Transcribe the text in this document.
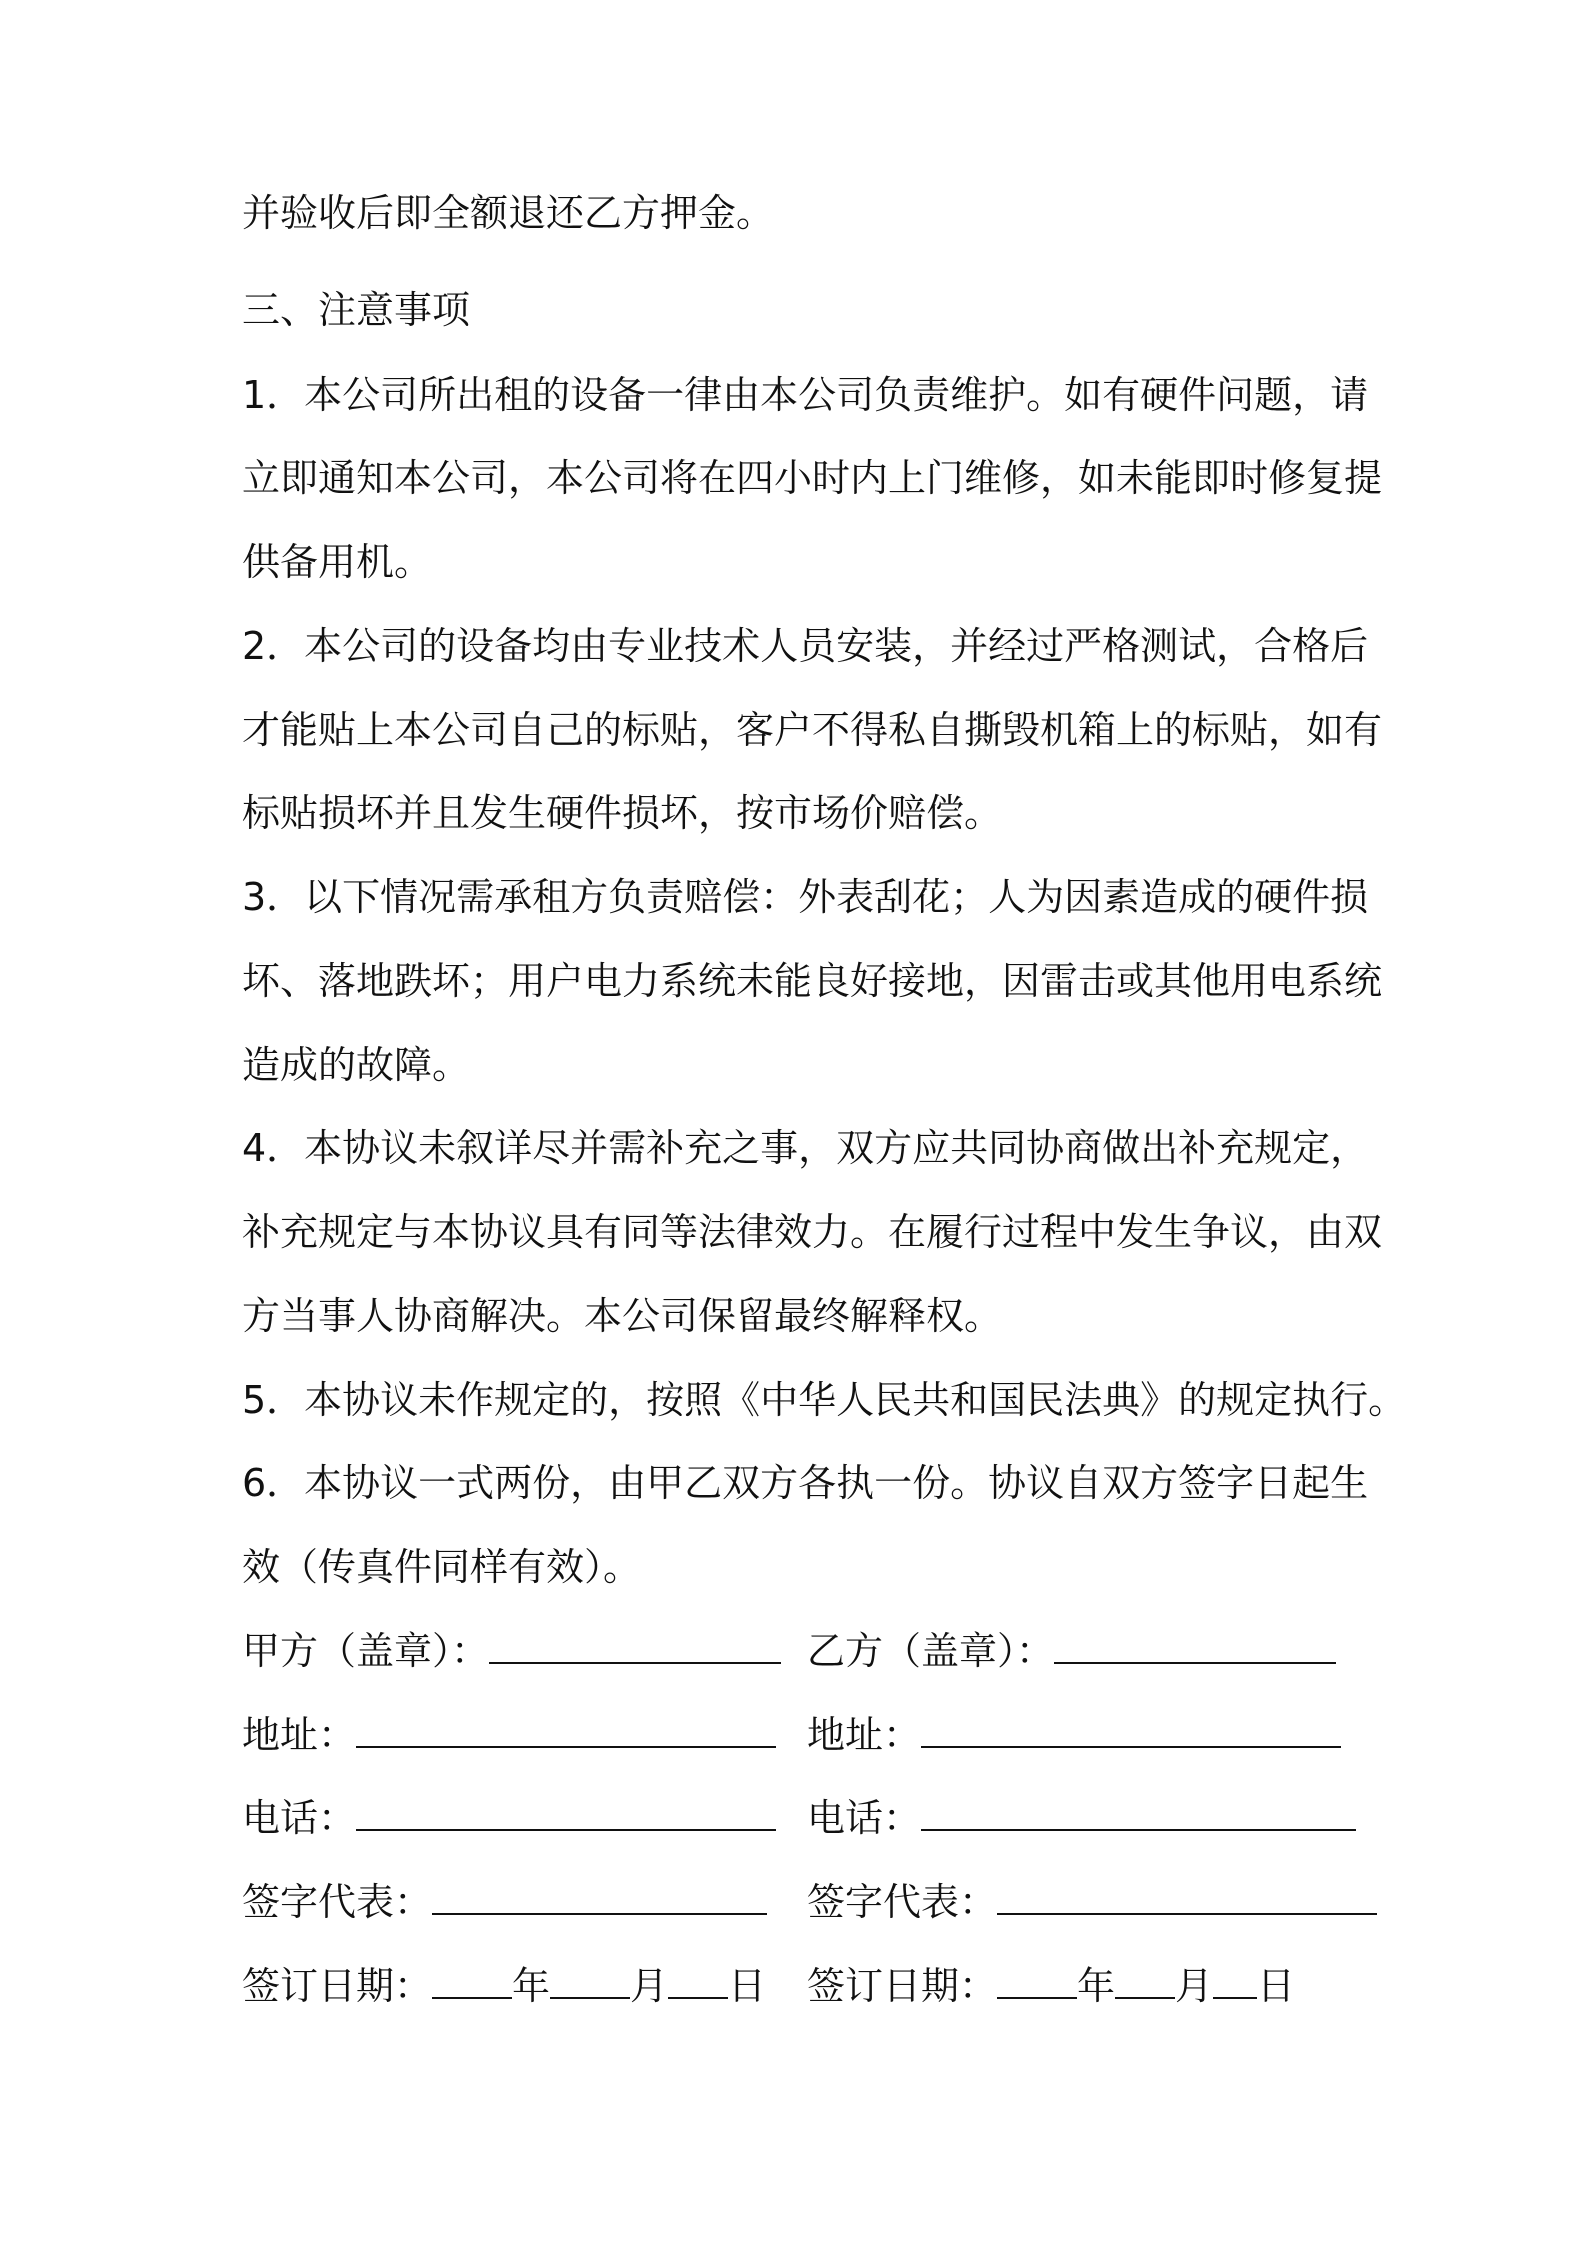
并验收后即全额退还乙方押金。
三、注意事项
1．本公司所出租的设备一律由本公司负责维护。如有硬件问题，请
立即通知本公司，本公司将在四小时内上门维修，如未能即时修复提
供备用机。
2．本公司的设备均由专业技术人员安装，并经过严格测试，合格后
才能贴上本公司自己的标贴，客户不得私自撕毁机箱上的标贴，如有
标贴损坏并且发生硬件损坏，按市场价赔偿。
3．以下情况需承租方负责赔偿：外表刮花；人为因素造成的硬件损
坏、落地跌坏；用户电力系统未能良好接地，因雷击或其他用电系统
造成的故障。
4．本协议未叙详尽并需补充之事，双方应共同协商做出补充规定，
补充规定与本协议具有同等法律效力。在履行过程中发生争议，由双
方当事人协商解决。本公司保留最终解释权。
5．本协议未作规定的，按照《中华人民共和国民法典》的规定执行。
6．本协议一式两份，由甲乙双方各执一份。协议自双方签字日起生
效（传真件同样有效）。
甲方（盖章）：	乙方（盖章）：
地址：	地址：
电话：	电话：
签字代表：	签字代表：
签订日期： 年 月 日 签订日期： 年 月 日
